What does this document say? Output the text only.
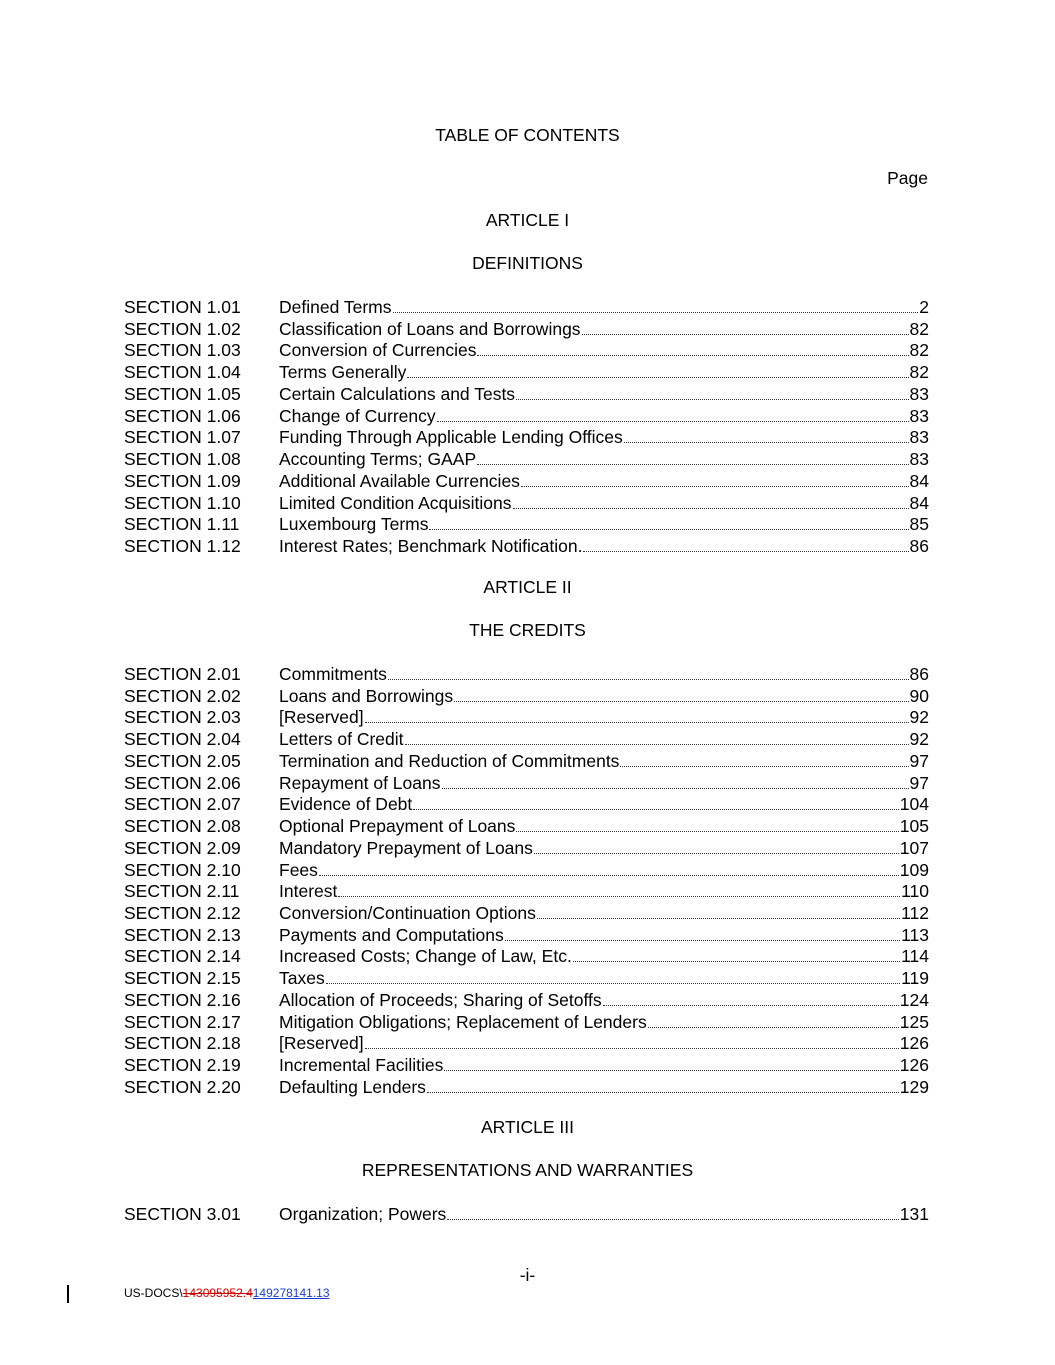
TABLE OF CONTENTS
Page
ARTICLE I
DEFINITIONS
SECTION 1.01	Defined Terms	2
SECTION 1.02	Classification of Loans and Borrowings	82
SECTION 1.03	Conversion of Currencies	82
SECTION 1.04	Terms Generally	82
SECTION 1.05	Certain Calculations and Tests	83
SECTION 1.06	Change of Currency	83
SECTION 1.07	Funding Through Applicable Lending Offices	83
SECTION 1.08	Accounting Terms; GAAP	83
SECTION 1.09	Additional Available Currencies	84
SECTION 1.10	Limited Condition Acquisitions	84
SECTION 1.11	Luxembourg Terms	85
SECTION 1.12	Interest Rates; Benchmark Notification.	86
ARTICLE II
THE CREDITS
SECTION 2.01	Commitments	86
SECTION 2.02	Loans and Borrowings	90
SECTION 2.03	[Reserved]	92
SECTION 2.04	Letters of Credit	92
SECTION 2.05	Termination and Reduction of Commitments	97
SECTION 2.06	Repayment of Loans	97
SECTION 2.07	Evidence of Debt	104
SECTION 2.08	Optional Prepayment of Loans	105
SECTION 2.09	Mandatory Prepayment of Loans	107
SECTION 2.10	Fees	109
SECTION 2.11	Interest	110
SECTION 2.12	Conversion/Continuation Options	112
SECTION 2.13	Payments and Computations	113
SECTION 2.14	Increased Costs; Change of Law, Etc.	114
SECTION 2.15	Taxes	119
SECTION 2.16	Allocation of Proceeds; Sharing of Setoffs	124
SECTION 2.17	Mitigation Obligations; Replacement of Lenders	125
SECTION 2.18	[Reserved]	126
SECTION 2.19	Incremental Facilities	126
SECTION 2.20	Defaulting Lenders	129
ARTICLE III
REPRESENTATIONS AND WARRANTIES
SECTION 3.01	Organization; Powers	131
-i-
US-DOCS\143095952.4149278141.13
